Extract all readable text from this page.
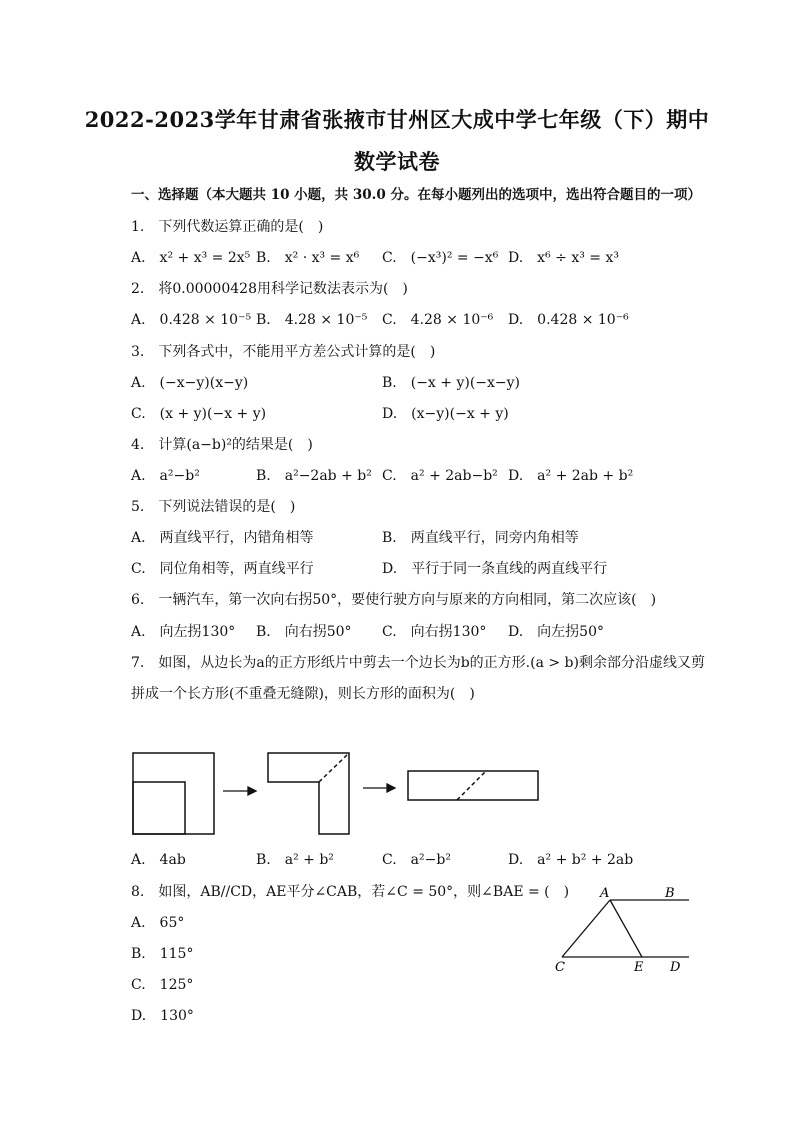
2022-2023学年甘肃省张掖市甘州区大成中学七年级（下）期中
数学试卷
一、选择题（本大题共 10 小题，共 30.0 分。在每小题列出的选项中，选出符合题目的一项）
1.　下列代数运算正确的是(　)
A.　x² + x³ = 2x⁵ B.　x² · x³ = x⁶ C.　(−x³)² = −x⁶ D.　x⁶ ÷ x³ = x³
2.　将0.00000428用科学记数法表示为(　)
A.　0.428 × 10⁻⁵ B.　4.28 × 10⁻⁵ C.　4.28 × 10⁻⁶ D.　0.428 × 10⁻⁶
3.　下列各式中，不能用平方差公式计算的是(　)
A.　(−x−y)(x−y)	B.　(−x + y)(−x−y)
C.　(x + y)(−x + y)	D.　(x−y)(−x + y)
4.　计算(a−b)²的结果是(　)
A.　a²−b²	B.　a²−2ab + b² C.　a² + 2ab−b² D.　a² + 2ab + b²
5.　下列说法错误的是(　)
A.　两直线平行，内错角相等	B.　两直线平行，同旁内角相等
C.　同位角相等，两直线平行	D.　平行于同一条直线的两直线平行
6.　一辆汽车，第一次向右拐50°，要使行驶方向与原来的方向相同，第二次应该(　)
A.　向左拐130° B.　向右拐50° C.　向右拐130° D.　向左拐50°
7.　如图，从边长为a的正方形纸片中剪去一个边长为b的正方形.(a > b)剩余部分沿虚线又剪
拼成一个长方形(不重叠无缝隙)，则长方形的面积为(　)
A.　4ab	B.　a² + b²	C.　a²−b²	D.　a² + b² + 2ab
8.　如图，AB//CD，AE平分∠CAB，若∠C = 50°，则∠BAE = (　)
A.　65°
B.　115°
C.　125°
D.　130°
A	B
C	E D
